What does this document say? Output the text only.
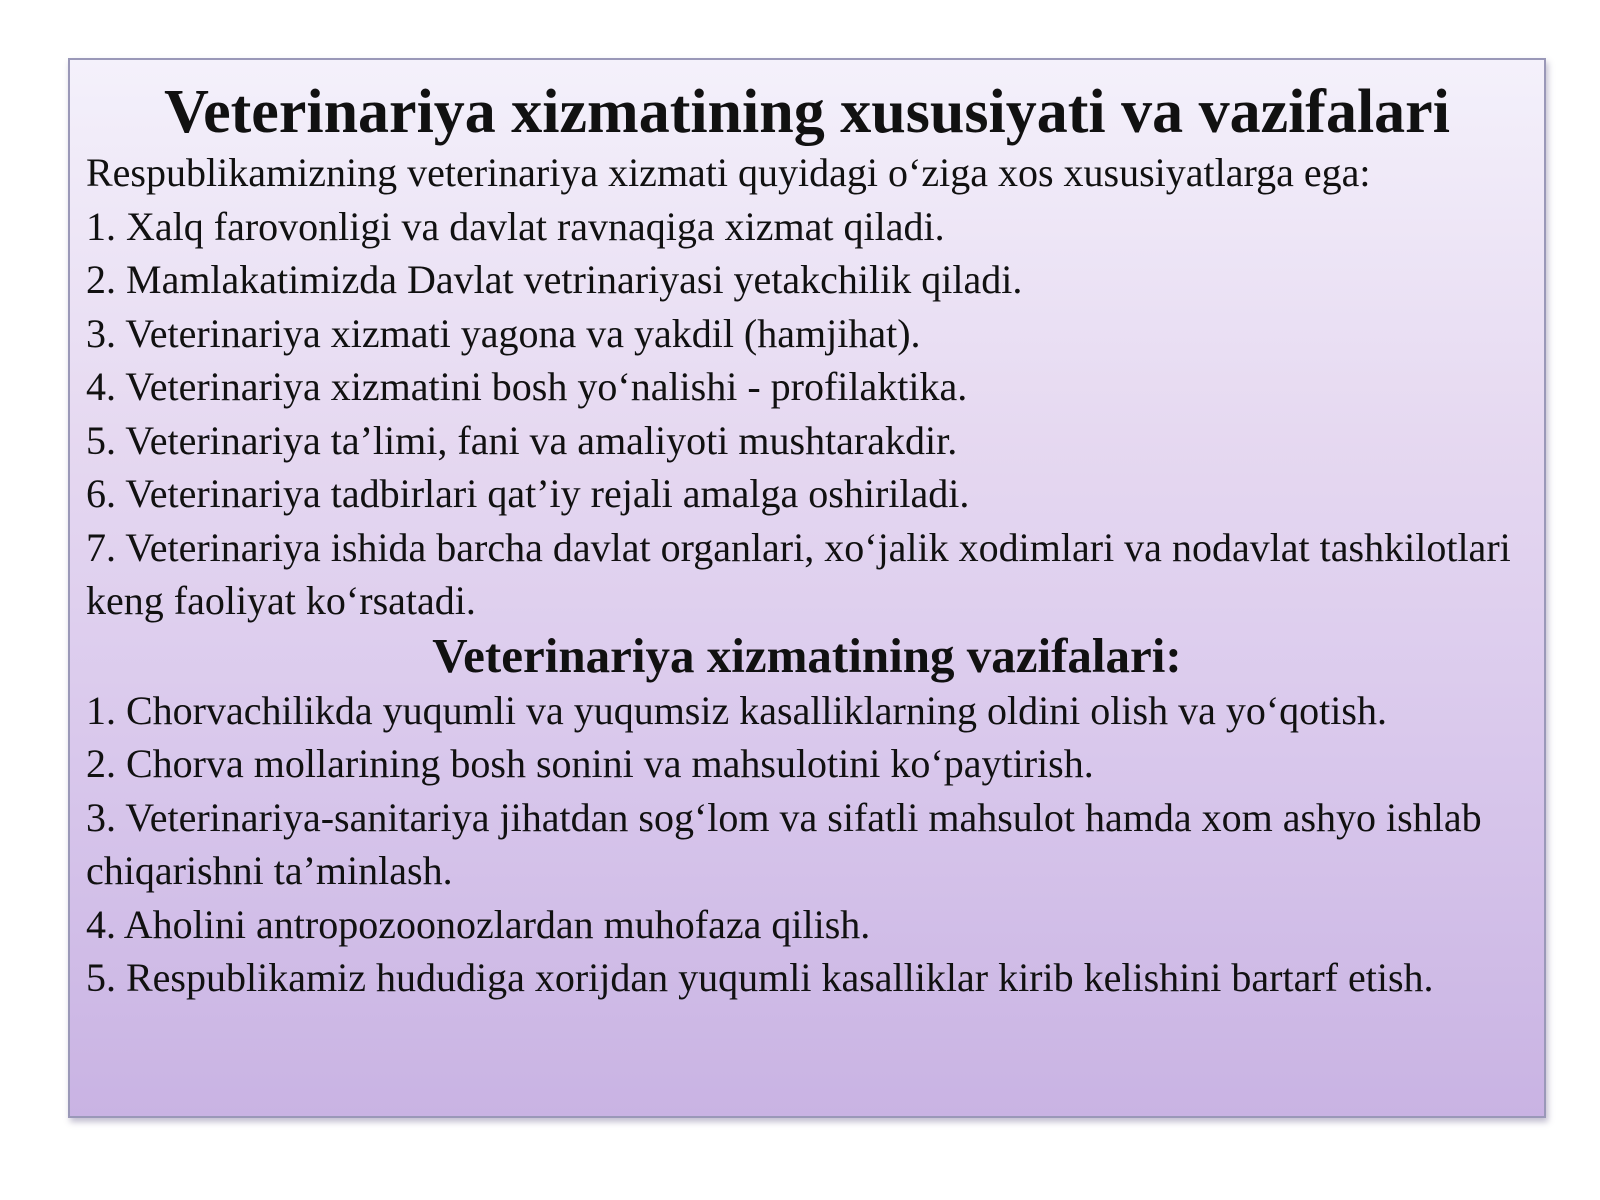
Veterinariya xizmatining xususiyati va vazifalari

Respublikamizning veterinariya xizmati quyidagi o‘ziga xos xususiyatlarga ega:

1. Xalq farovonligi va davlat ravnaqiga xizmat qiladi.

2. Mamlakatimizda Davlat vetrinariyasi yetakchilik qiladi.

3. Veterinariya xizmati yagona va yakdil (hamjihat).

4. Veterinariya xizmatini bosh yo‘nalishi - profilaktika.

5. Veterinariya ta’limi, fani va amaliyoti mushtarakdir.

6. Veterinariya tadbirlari qat’iy rejali amalga oshiriladi.

7. Veterinariya ishida barcha davlat organlari, xo‘jalik xodimlari va nodavlat tashkilotlari keng faoliyat ko‘rsatadi.

Veterinariya xizmatining vazifalari:

1. Chorvachilikda yuqumli va yuqumsiz kasalliklarning oldini olish va yo‘qotish.

2. Chorva mollarining bosh sonini va mahsulotini ko‘paytirish.

3. Veterinariya-sanitariya jihatdan sog‘lom va sifatli mahsulot hamda xom ashyo ishlab chiqarishni ta’minlash.

4. Aholini antropozoonozlardan muhofaza qilish.

5. Respublikamiz hududiga xorijdan yuqumli kasalliklar kirib kelishini bartarf etish.
